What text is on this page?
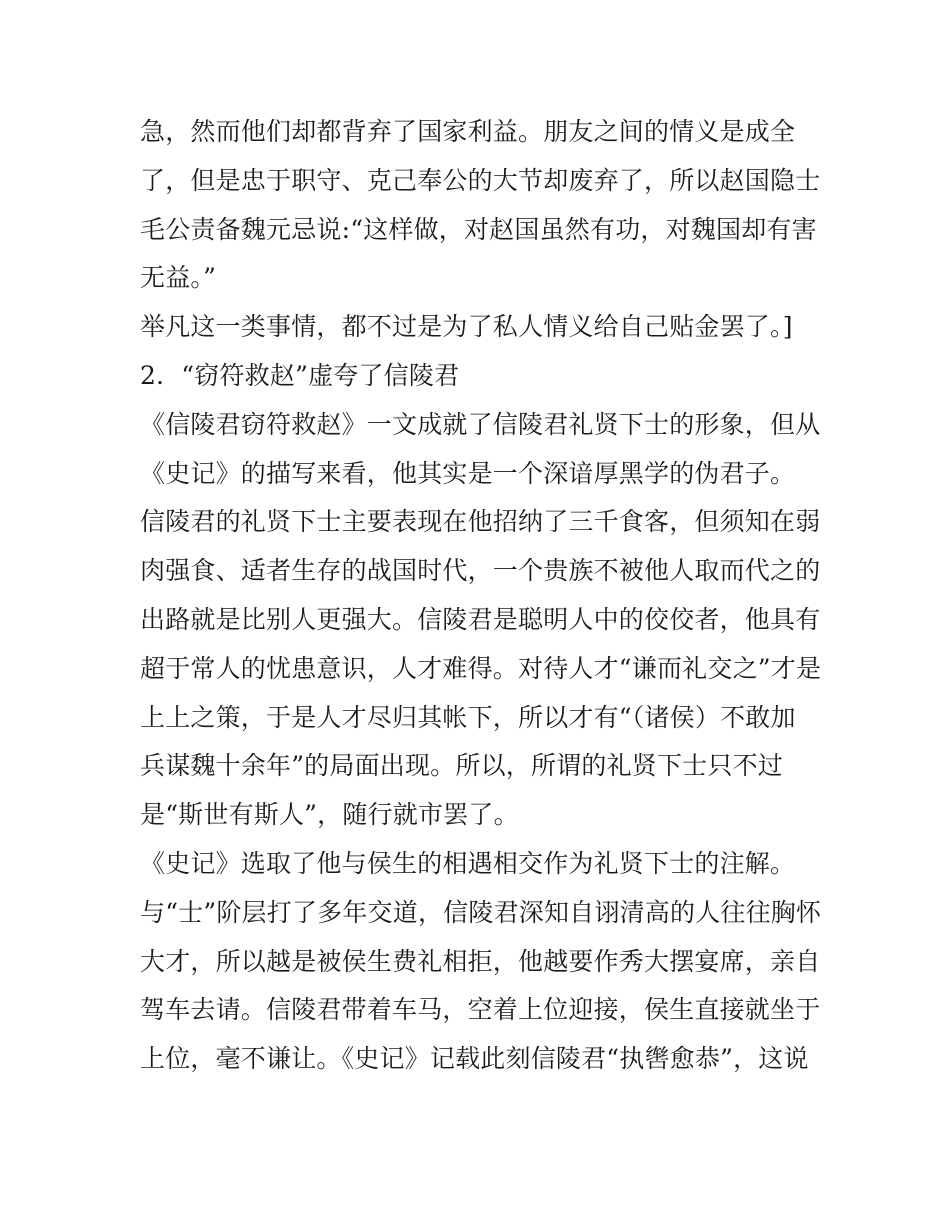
急，然而他们却都背弃了国家利益。朋友之间的情义是成全
了，但是忠于职守、克己奉公的大节却废弃了，所以赵国隐士
毛公责备魏元忌说:“这样做，对赵国虽然有功，对魏国却有害
无益。”
举凡这一类事情，都不过是为了私人情义给自己贴金罢了。]
2．“窃符救赵”虚夸了信陵君
《信陵君窃符救赵》一文成就了信陵君礼贤下士的形象，但从
《史记》的描写来看，他其实是一个深谙厚黑学的伪君子。
信陵君的礼贤下士主要表现在他招纳了三千食客，但须知在弱
肉强食、适者生存的战国时代，一个贵族不被他人取而代之的
出路就是比别人更强大。信陵君是聪明人中的佼佼者，他具有
超于常人的忧患意识，人才难得。对待人才“谦而礼交之”才是
上上之策，于是人才尽归其帐下，所以才有“（诸侯）不敢加
兵谋魏十余年”的局面出现。所以，所谓的礼贤下士只不过
是“斯世有斯人”，随行就市罢了。
《史记》选取了他与侯生的相遇相交作为礼贤下士的注解。
与“士”阶层打了多年交道，信陵君深知自诩清高的人往往胸怀
大才，所以越是被侯生费礼相拒，他越要作秀大摆宴席，亲自
驾车去请。信陵君带着车马，空着上位迎接，侯生直接就坐于
上位，毫不谦让。《史记》记载此刻信陵君“执辔愈恭”，这说
